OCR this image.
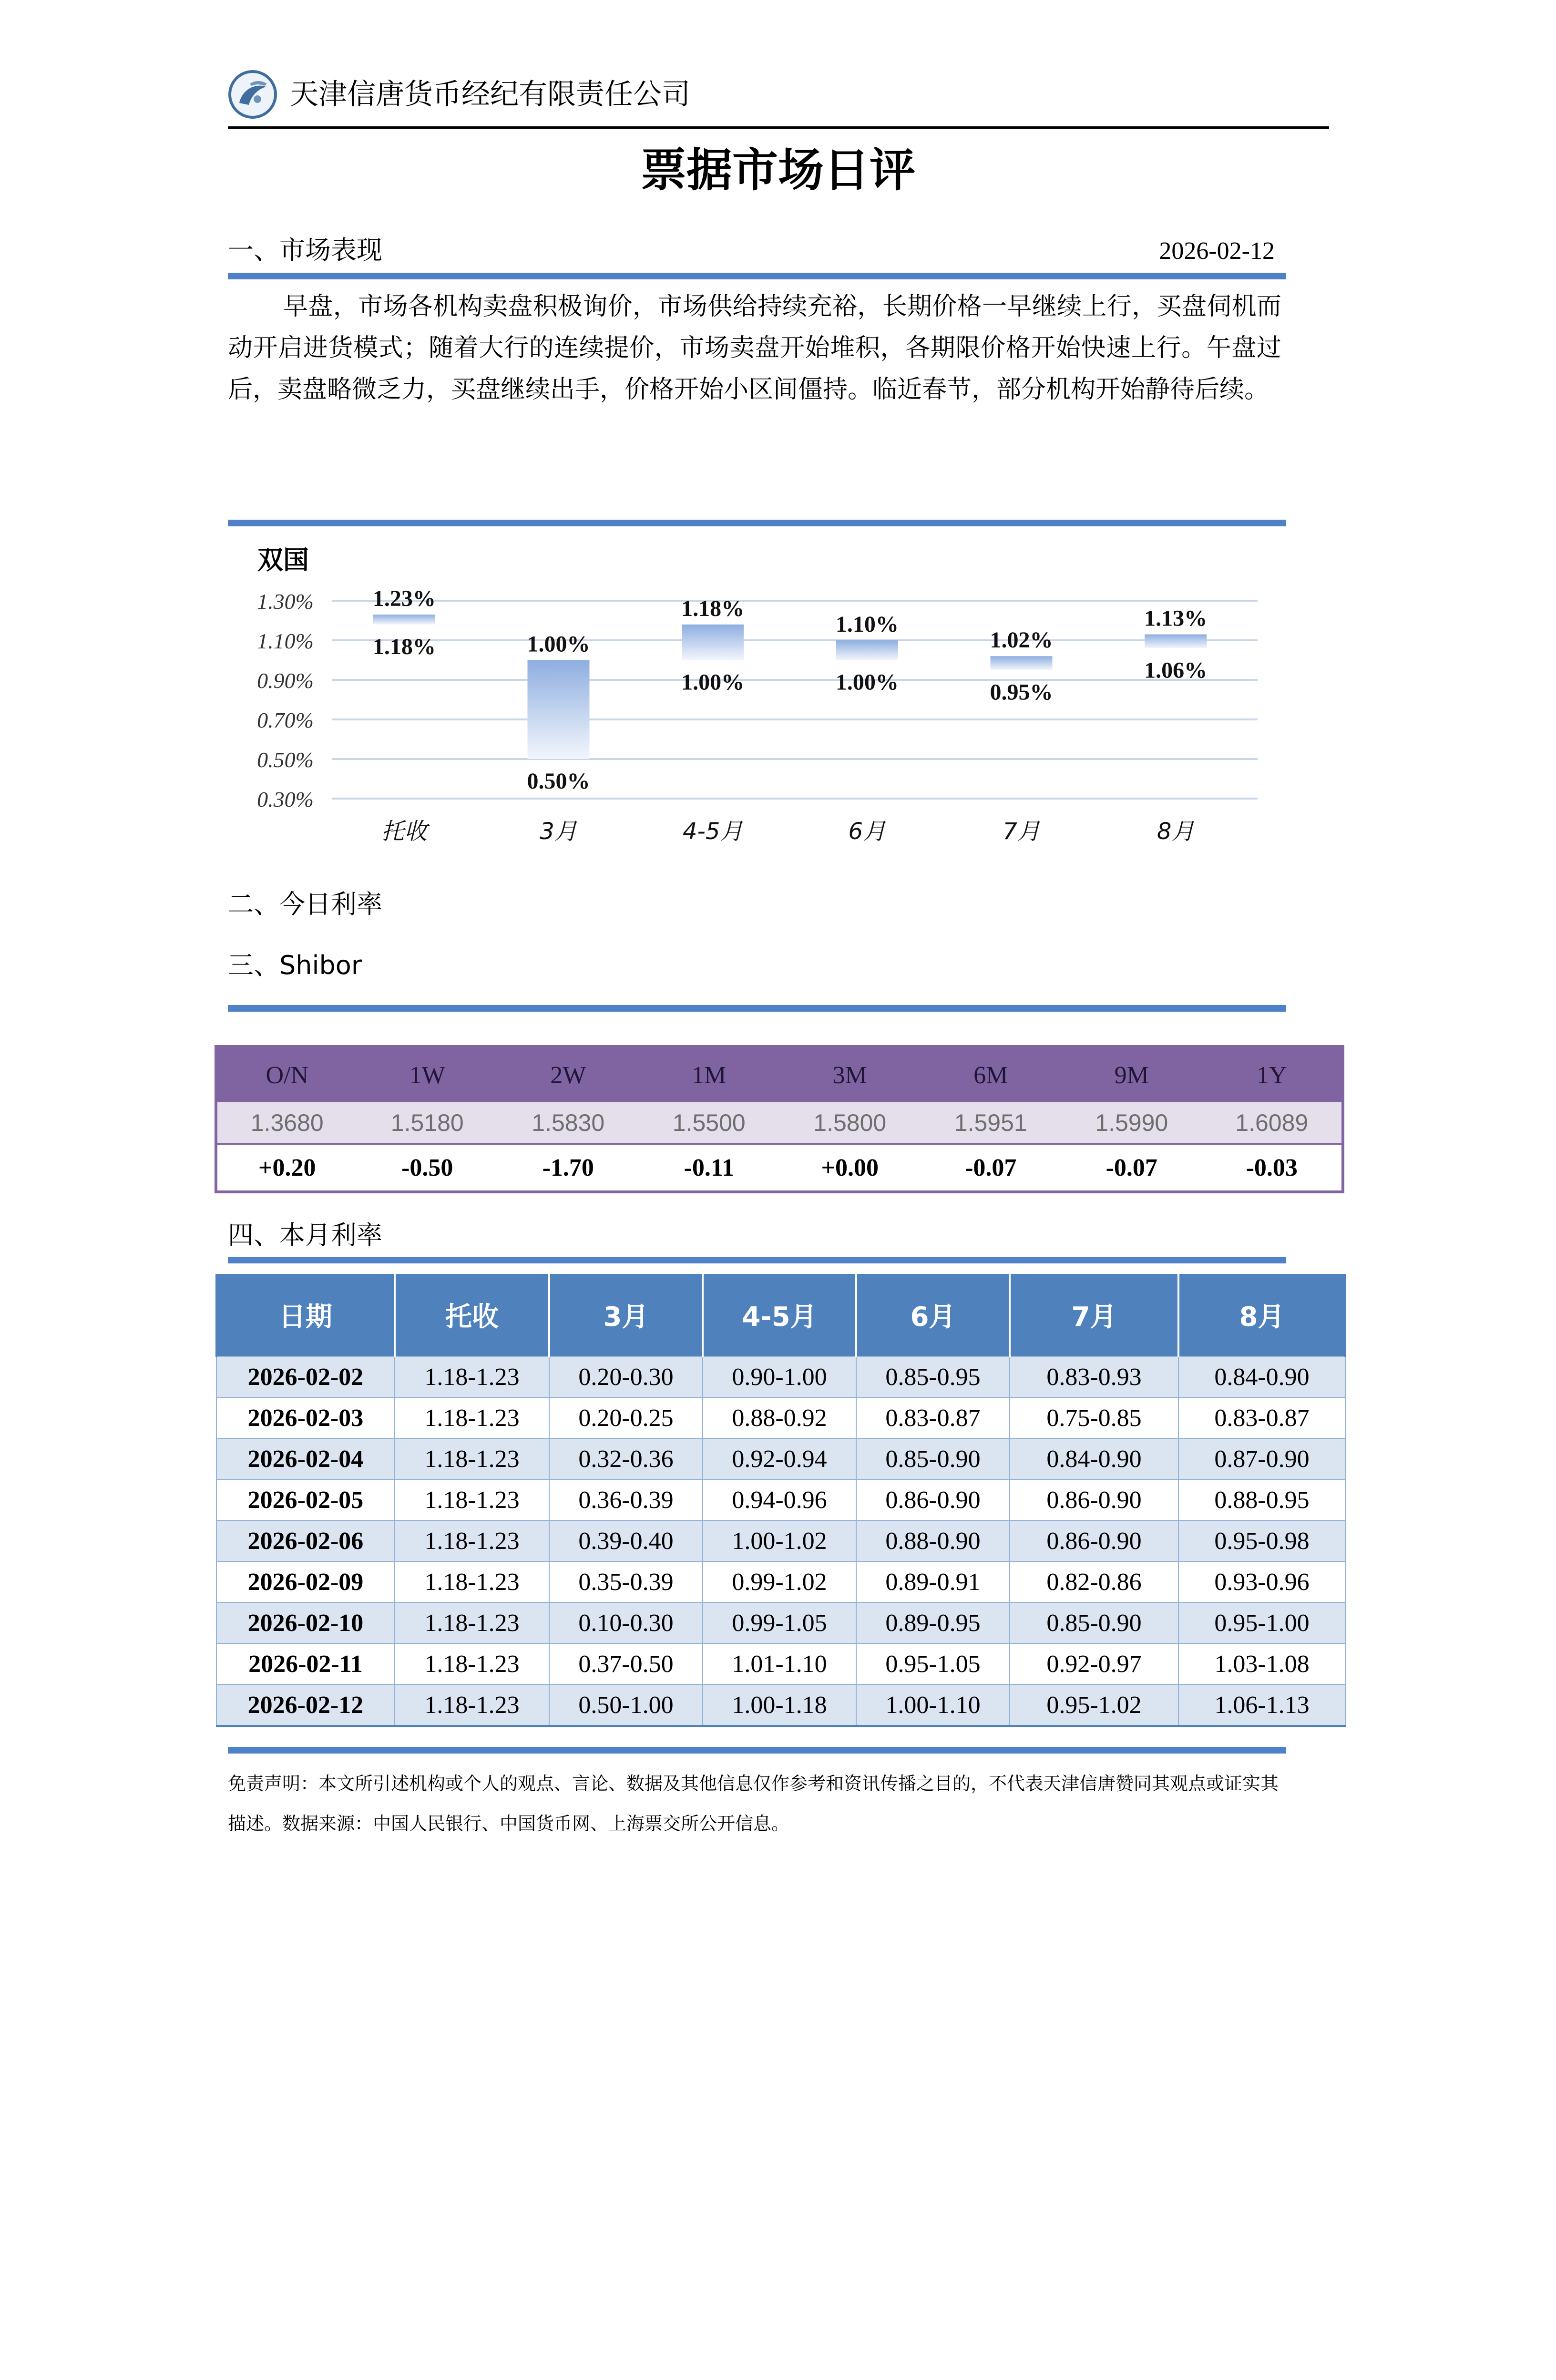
天津信唐货币经纪有限责任公司
票据市场日评
一、市场表现	2026-02-12
早盘，市场各机构卖盘积极询价，市场供给持续充裕，长期价格一早继续上行，买盘伺机而动开启进货模式；随着大行的连续提价，市场卖盘开始堆积，各期限价格开始快速上行。午盘过后，卖盘略微乏力，买盘继续出手，价格开始小区间僵持。临近春节，部分机构开始静待后续。
双国
1.30%
1.10%
0.90%
0.70%
0.50%
0.30%
1.23%
1.18%	1.00%
0.50%
1.18%
1.00%
1.10%
1.00%
1.02%
0.95%
1.13%
1.06%
托收	3月	4-5月	6月	7月	8月
二、今日利率
三、Shibor
O/N	1W	2W	1M	3M	6M	9M	1Y
1.3680	1.5180	1.5830	1.5500	1.5800	1.5951	1.5990	1.6089
+0.20	-0.50	-1.70	-0.11	+0.00	-0.07	-0.07	-0.03
四、本月利率
日期	托收	3月	4-5月	6月	7月	8月
2026-02-02	1.18-1.23	0.20-0.30	0.90-1.00	0.85-0.95	0.83-0.93	0.84-0.90
2026-02-03	1.18-1.23	0.20-0.25	0.88-0.92	0.83-0.87	0.75-0.85	0.83-0.87
2026-02-04	1.18-1.23	0.32-0.36	0.92-0.94	0.85-0.90	0.84-0.90	0.87-0.90
2026-02-05	1.18-1.23	0.36-0.39	0.94-0.96	0.86-0.90	0.86-0.90	0.88-0.95
2026-02-06	1.18-1.23	0.39-0.40	1.00-1.02	0.88-0.90	0.86-0.90	0.95-0.98
2026-02-09	1.18-1.23	0.35-0.39	0.99-1.02	0.89-0.91	0.82-0.86	0.93-0.96
2026-02-10	1.18-1.23	0.10-0.30	0.99-1.05	0.89-0.95	0.85-0.90	0.95-1.00
2026-02-11	1.18-1.23	0.37-0.50	1.01-1.10	0.95-1.05	0.92-0.97	1.03-1.08
2026-02-12	1.18-1.23	0.50-1.00	1.00-1.18	1.00-1.10	0.95-1.02	1.06-1.13
免责声明：本文所引述机构或个人的观点、言论、数据及其他信息仅作参考和资讯传播之目的，不代表天津信唐赞同其观点或证实其描述。数据来源：中国人民银行、中国货币网、上海票交所公开信息。
